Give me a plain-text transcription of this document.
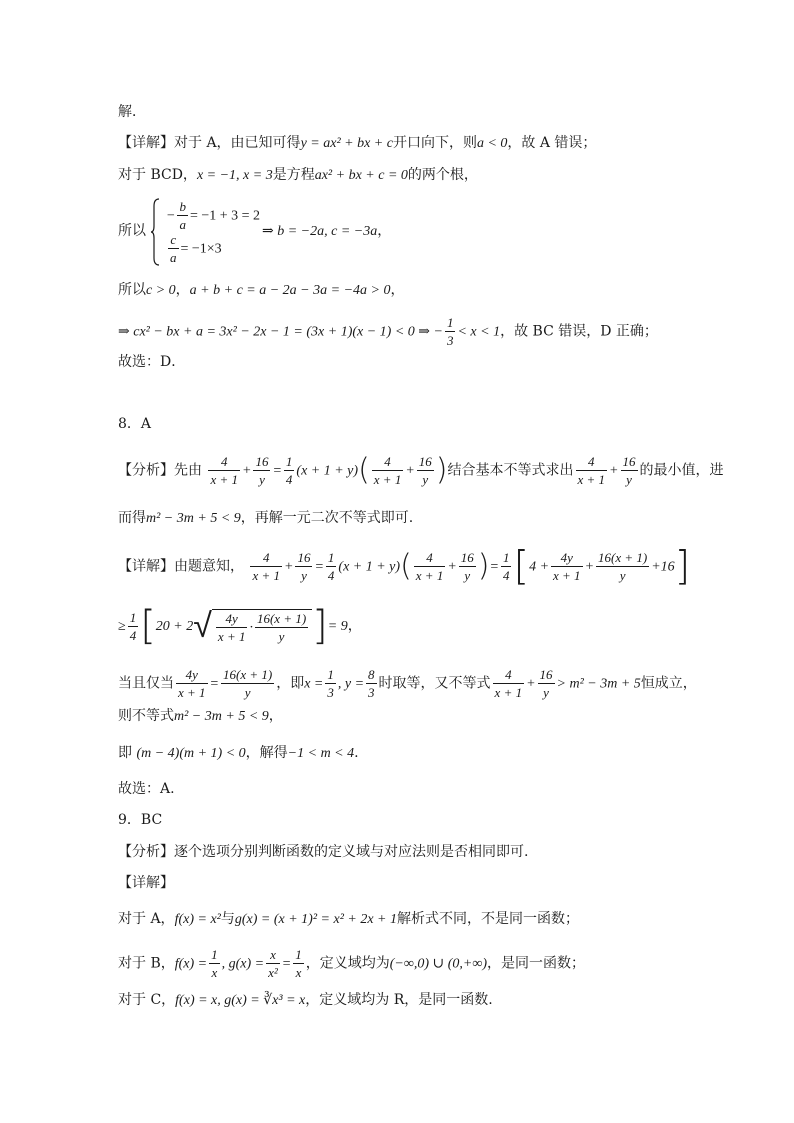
解．
【详解】对于 A，由已知可得y = ax² + bx + c开口向下，则a < 0，故 A 错误；
对于 BCD，x = −1, x = 3是方程ax² + bx + c = 0的两个根，
所以
− $\frac{b}{a} = -1 + 3 = 2$
$\frac{c}{a} = -1\times 3$
⇒ b = −2a, c = −3a，
所以c > 0，a + b + c = a − 2a − 3a = −4a > 0，
⇒ cx² − bx + a = 3x² − 2x − 1 = (3x + 1)(x − 1) < 0 ⇒ − $\frac{1}{3} < x < 1$，故 BC 错误，D 正确；
故选：D．
8．A
【分析】先由 $\frac{4}{x + 1} + \frac{16}{y} = \frac{1}{4} (x + 1 + y)( \frac{4}{x + 1} + \frac{16}{y}$ )结合基本不等式求出 $\frac{4}{x + 1} + \frac{16}{y}$ 的最小值，进
而得m² − 3m + 5 < 9，再解一元二次不等式即可.
【详解】由题意知， $\frac{4}{x + 1} + \frac{16}{y} = \frac{1}{4} (x + 1 + y)( \frac{4}{x + 1} + \frac{16}{y}$ )= $\frac{1}{4} [4 + \frac{4y}{x + 1} + \frac{16(x + 1)}{y} +16]$
≥ $\frac{1}{4} [20 + 2√ \frac{4y}{x + 1} \cdot \frac{16(x + 1)}{y}$ ]= 9，
当且仅当 $\frac{4y}{x + 1} = \frac{16(x + 1)}{y}$ ，即$x = \frac{1}{3}$ , $y = \frac{8}{3}$ 时取等，又不等式 $\frac{4}{x + 1} + \frac{16}{y} > m^2 - 3m + 5$恒成立，
则不等式m² − 3m + 5 < 9，
即 (m − 4)(m + 1) < 0，解得−1 < m < 4.
故选：A.
9．BC
【分析】逐个选项分别判断函数的定义域与对应法则是否相同即可.
【详解】
对于 A，f(x) = x²与g(x) = (x + 1)² = x² + 2x + 1解析式不同，不是同一函数；
对于 B，$f(x) = \frac{1}{x}$ , $g(x) = \frac{x}{\text{x²}} = \frac{1}{x}$ ，定义域均为(−∞,0) ∪ (0,+∞)，是同一函数；
对于 C，f(x) = x, g(x) = ∛x³ = x，定义域均为 R，是同一函数.
